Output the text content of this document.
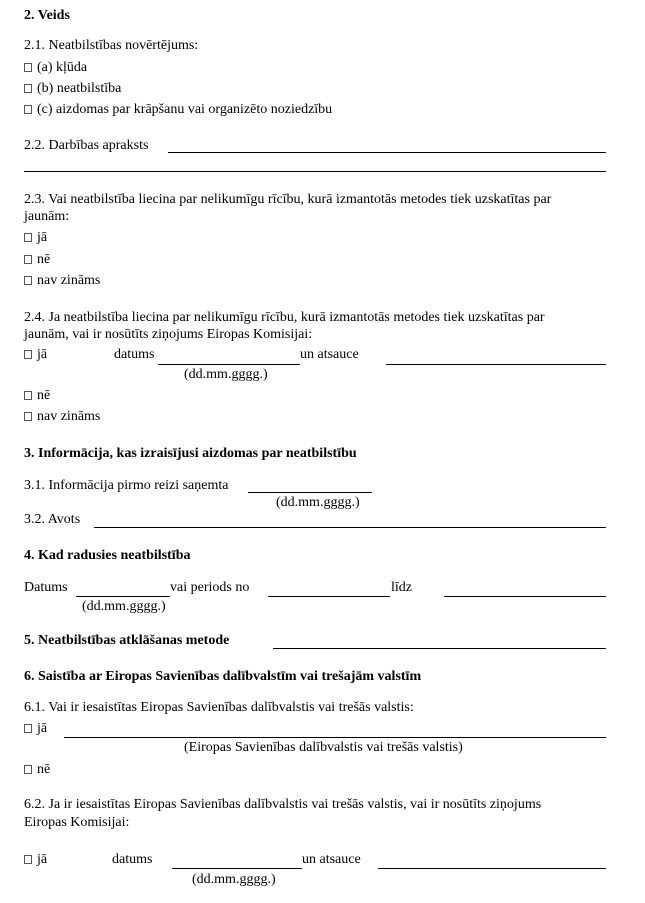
2. Veids
2.1. Neatbilstības novērtējums:
(a) kļūda
(b) neatbilstība
(c) aizdomas par krāpšanu vai organizēto noziedzību
2.2. Darbības apraksts
2.3. Vai neatbilstība liecina par nelikumīgu rīcību, kurā izmantotās metodes tiek uzskatītas par
jaunām:
jā
nē
nav zināms
2.4. Ja neatbilstība liecina par nelikumīgu rīcību, kurā izmantotās metodes tiek uzskatītas par
jaunām, vai ir nosūtīts ziņojums Eiropas Komisijai:
jā	datums	un atsauce
(dd.mm.gggg.)
nē
nav zināms
3. Informācija, kas izraisījusi aizdomas par neatbilstību
3.1. Informācija pirmo reizi saņemta
(dd.mm.gggg.)
3.2. Avots
4. Kad radusies neatbilstība
Datums	vai periods no	līdz
(dd.mm.gggg.)
5. Neatbilstības atklāšanas metode
6. Saistība ar Eiropas Savienības dalībvalstīm vai trešajām valstīm
6.1. Vai ir iesaistītas Eiropas Savienības dalībvalstis vai trešās valstis:
jā
(Eiropas Savienības dalībvalstis vai trešās valstis)
nē
6.2. Ja ir iesaistītas Eiropas Savienības dalībvalstis vai trešās valstis, vai ir nosūtīts ziņojums
Eiropas Komisijai:
jā	datums	un atsauce
(dd.mm.gggg.)
